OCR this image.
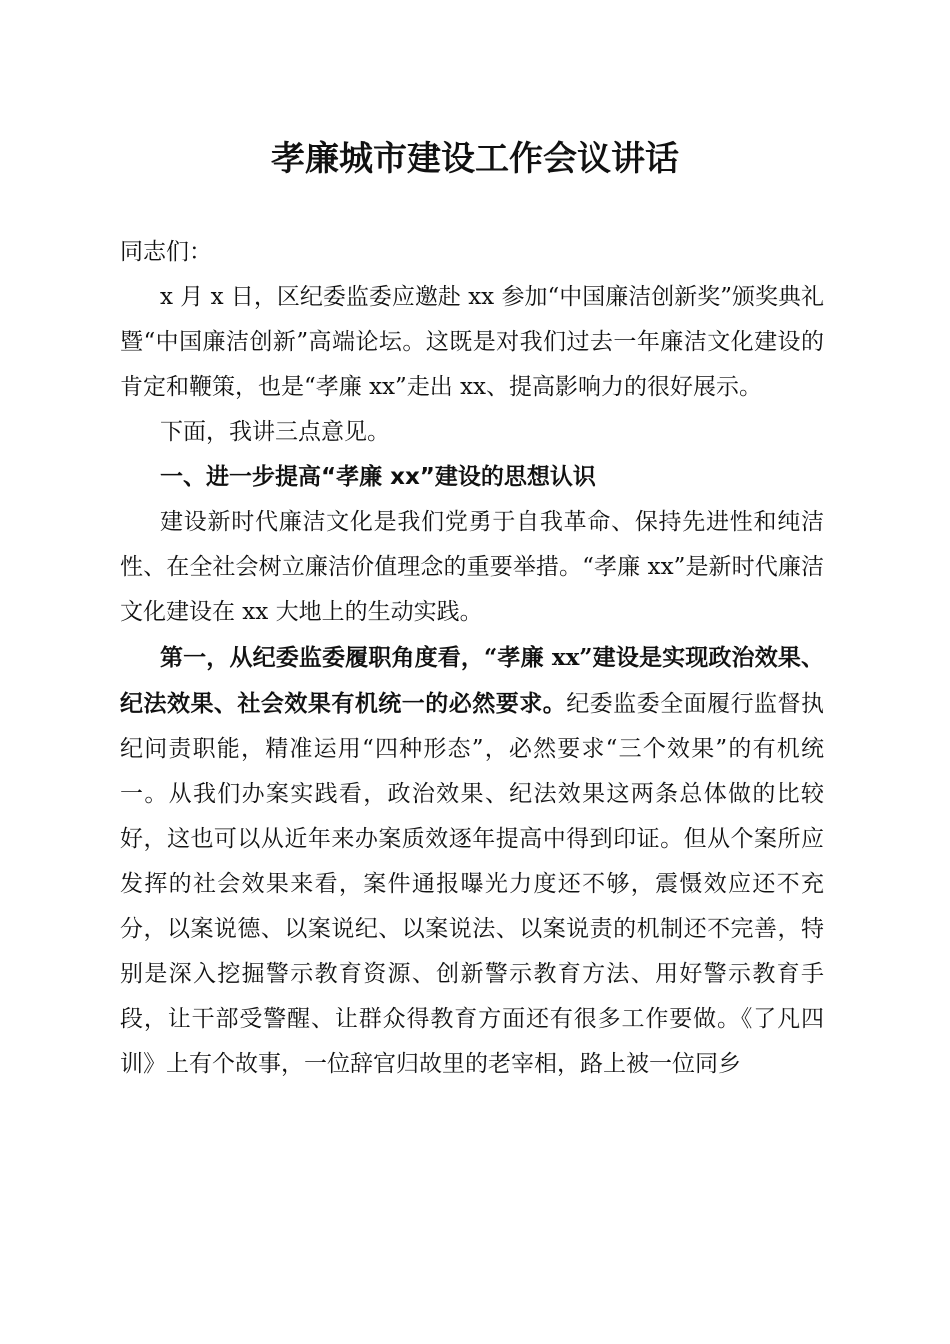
孝廉城市建设工作会议讲话

同志们：

x 月 x 日，区纪委监委应邀赴 xx 参加“中国廉洁创新奖”颁奖典礼暨“中国廉洁创新”高端论坛。这既是对我们过去一年廉洁文化建设的肯定和鞭策，也是“孝廉 xx”走出 xx、提高影响力的很好展示。

下面，我讲三点意见。

一、进一步提高“孝廉 xx”建设的思想认识

建设新时代廉洁文化是我们党勇于自我革命、保持先进性和纯洁性、在全社会树立廉洁价值理念的重要举措。“孝廉 xx”是新时代廉洁文化建设在 xx 大地上的生动实践。

第一，从纪委监委履职角度看，“孝廉 xx”建设是实现政治效果、纪法效果、社会效果有机统一的必然要求。纪委监委全面履行监督执纪问责职能，精准运用“四种形态”，必然要求“三个效果”的有机统一。从我们办案实践看，政治效果、纪法效果这两条总体做的比较好，这也可以从近年来办案质效逐年提高中得到印证。但从个案所应发挥的社会效果来看，案件通报曝光力度还不够，震慑效应还不充分，以案说德、以案说纪、以案说法、以案说责的机制还不完善，特别是深入挖掘警示教育资源、创新警示教育方法、用好警示教育手段，让干部受警醒、让群众得教育方面还有很多工作要做。《了凡四训》上有个故事，一位辞官归故里的老宰相，路上被一位同乡
